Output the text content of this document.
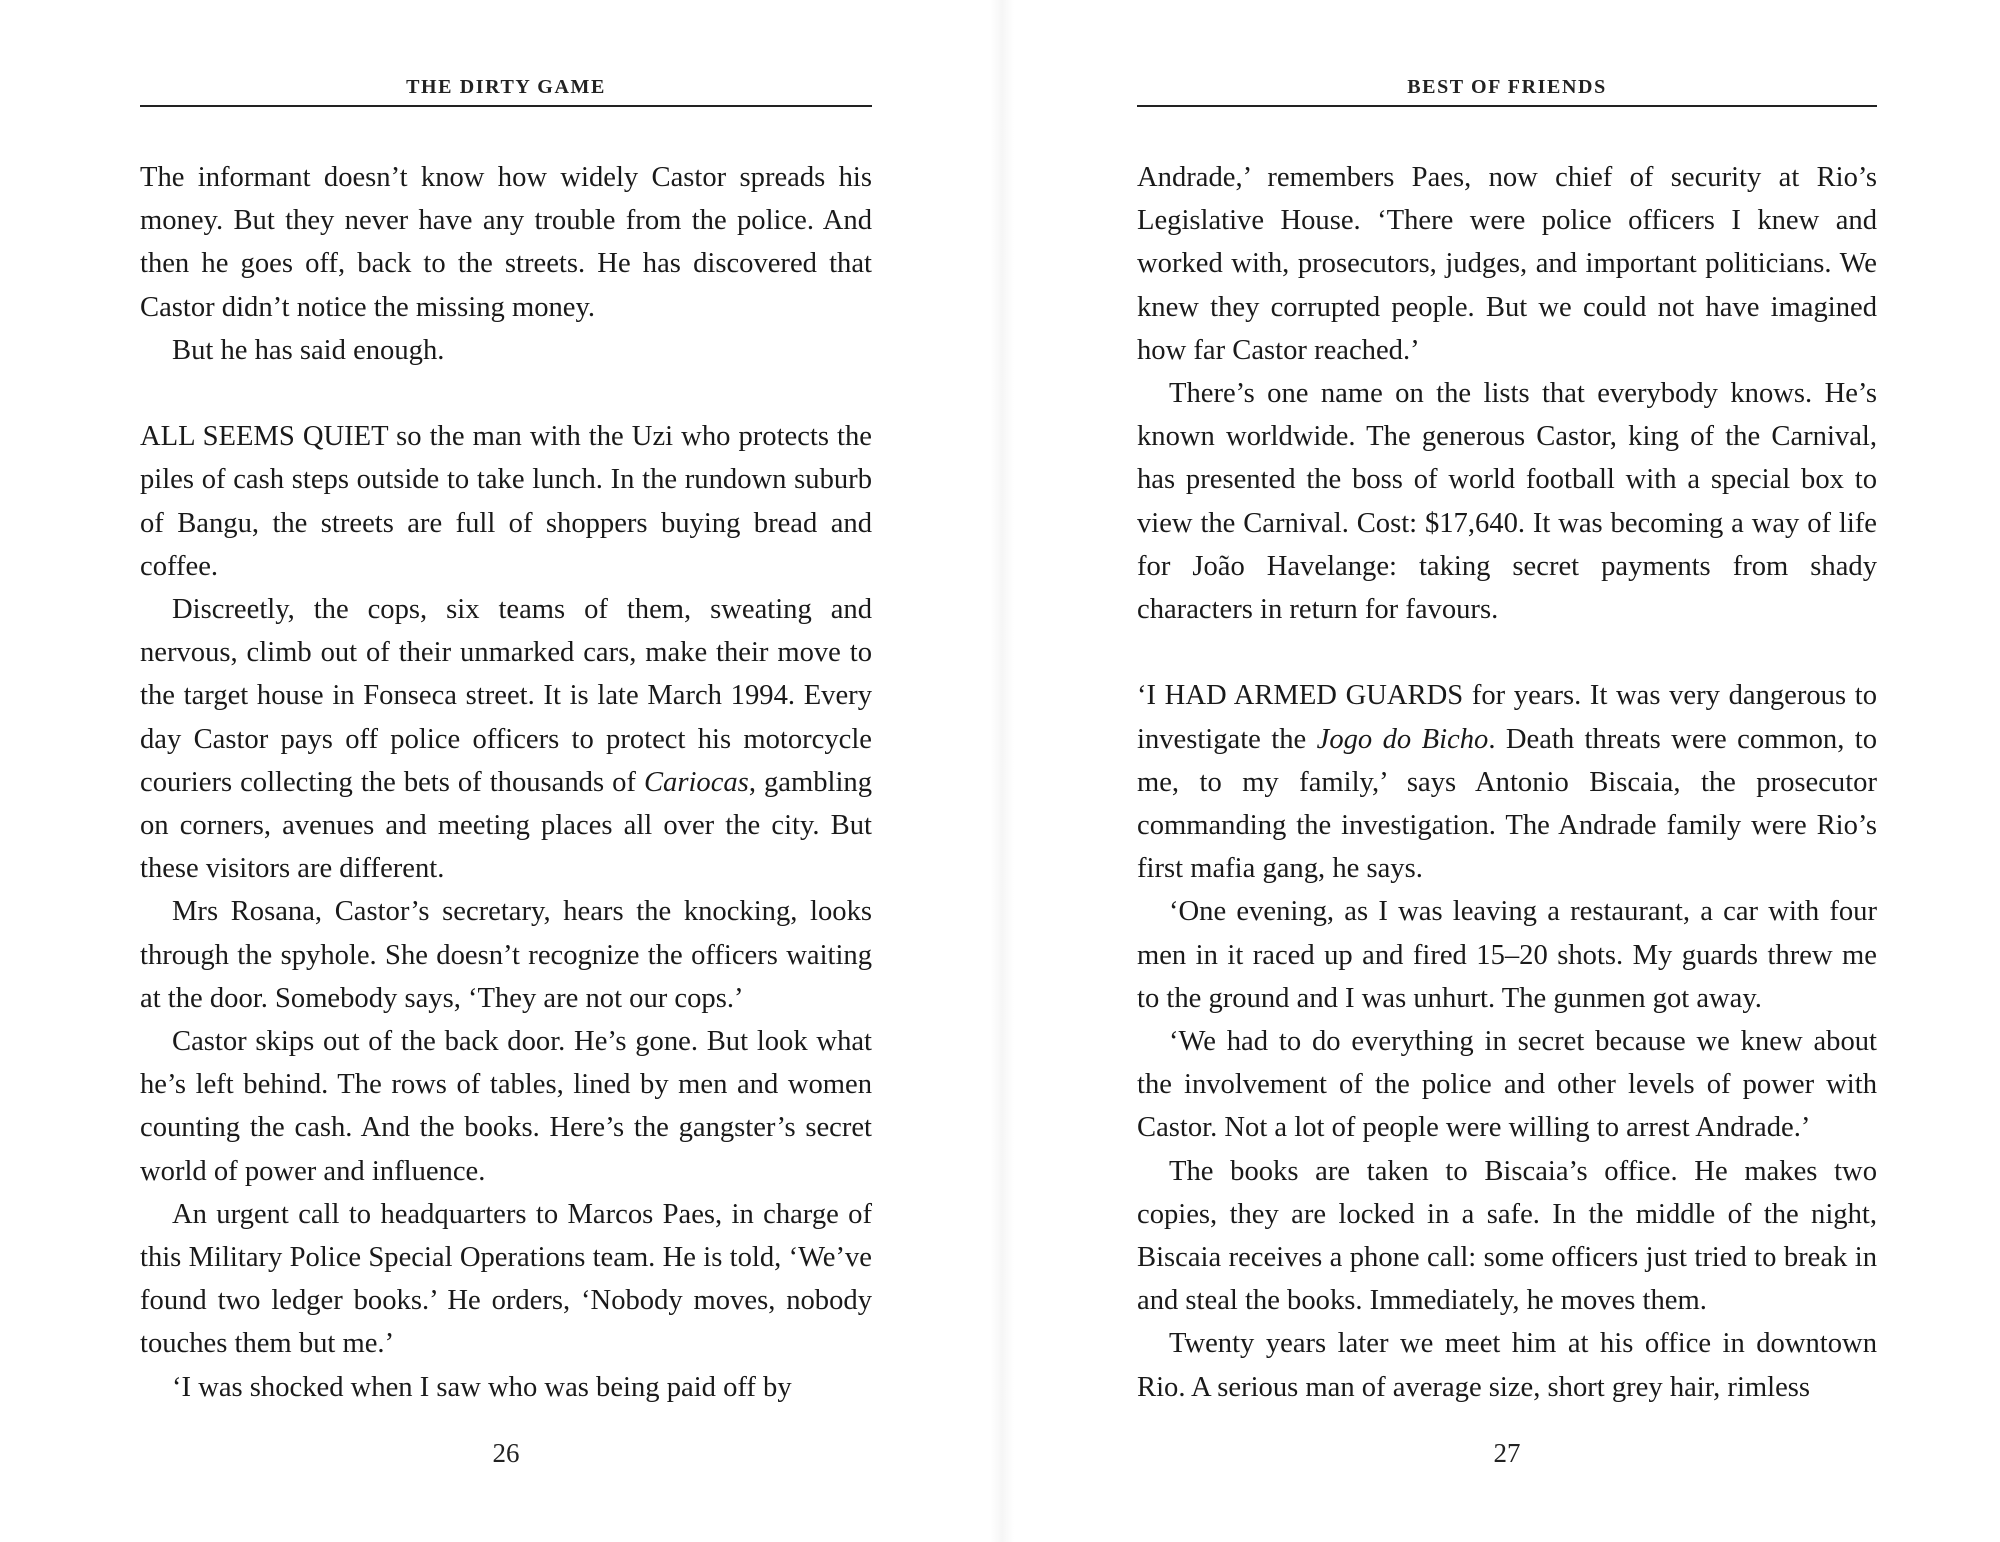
THE DIRTY GAME

The informant doesn’t know how widely Castor spreads his money. But they never have any trouble from the police. And then he goes off, back to the streets. He has discovered that Castor didn’t notice the missing money.

But he has said enough.

ALL SEEMS QUIET so the man with the Uzi who protects the piles of cash steps outside to take lunch. In the rundown suburb of Bangu, the streets are full of shoppers buying bread and coffee.

Discreetly, the cops, six teams of them, sweating and nervous, climb out of their unmarked cars, make their move to the target house in Fonseca street. It is late March 1994. Every day Castor pays off police officers to protect his motorcycle couriers collecting the bets of thousands of Cariocas, gambling on corners, avenues and meeting places all over the city. But these visitors are different.

Mrs Rosana, Castor’s secretary, hears the knocking, looks through the spyhole. She doesn’t recognize the officers waiting at the door. Somebody says, ‘They are not our cops.’

Castor skips out of the back door. He’s gone. But look what he’s left behind. The rows of tables, lined by men and women counting the cash. And the books. Here’s the gangster’s secret world of power and influence.

An urgent call to headquarters to Marcos Paes, in charge of this Military Police Special Operations team. He is told, ‘We’ve found two ledger books.’ He orders, ‘Nobody moves, nobody touches them but me.’

‘I was shocked when I saw who was being paid off by

26
BEST OF FRIENDS

Andrade,’ remembers Paes, now chief of security at Rio’s Legislative House. ‘There were police officers I knew and worked with, prosecutors, judges, and important politicians. We knew they corrupted people. But we could not have imagined how far Castor reached.’

There’s one name on the lists that everybody knows. He’s known worldwide. The generous Castor, king of the Carnival, has presented the boss of world football with a special box to view the Carnival. Cost: $17,640. It was becoming a way of life for João Havelange: taking secret payments from shady characters in return for favours.

‘I HAD ARMED GUARDS for years. It was very dangerous to investigate the Jogo do Bicho. Death threats were common, to me, to my family,’ says Antonio Biscaia, the prosecutor commanding the investigation. The Andrade family were Rio’s first mafia gang, he says.

‘One evening, as I was leaving a restaurant, a car with four men in it raced up and fired 15–20 shots. My guards threw me to the ground and I was unhurt. The gunmen got away.

‘We had to do everything in secret because we knew about the involvement of the police and other levels of power with Castor. Not a lot of people were willing to arrest Andrade.’

The books are taken to Biscaia’s office. He makes two copies, they are locked in a safe. In the middle of the night, Biscaia receives a phone call: some officers just tried to break in and steal the books. Immediately, he moves them.

Twenty years later we meet him at his office in downtown Rio. A serious man of average size, short grey hair, rimless

27
